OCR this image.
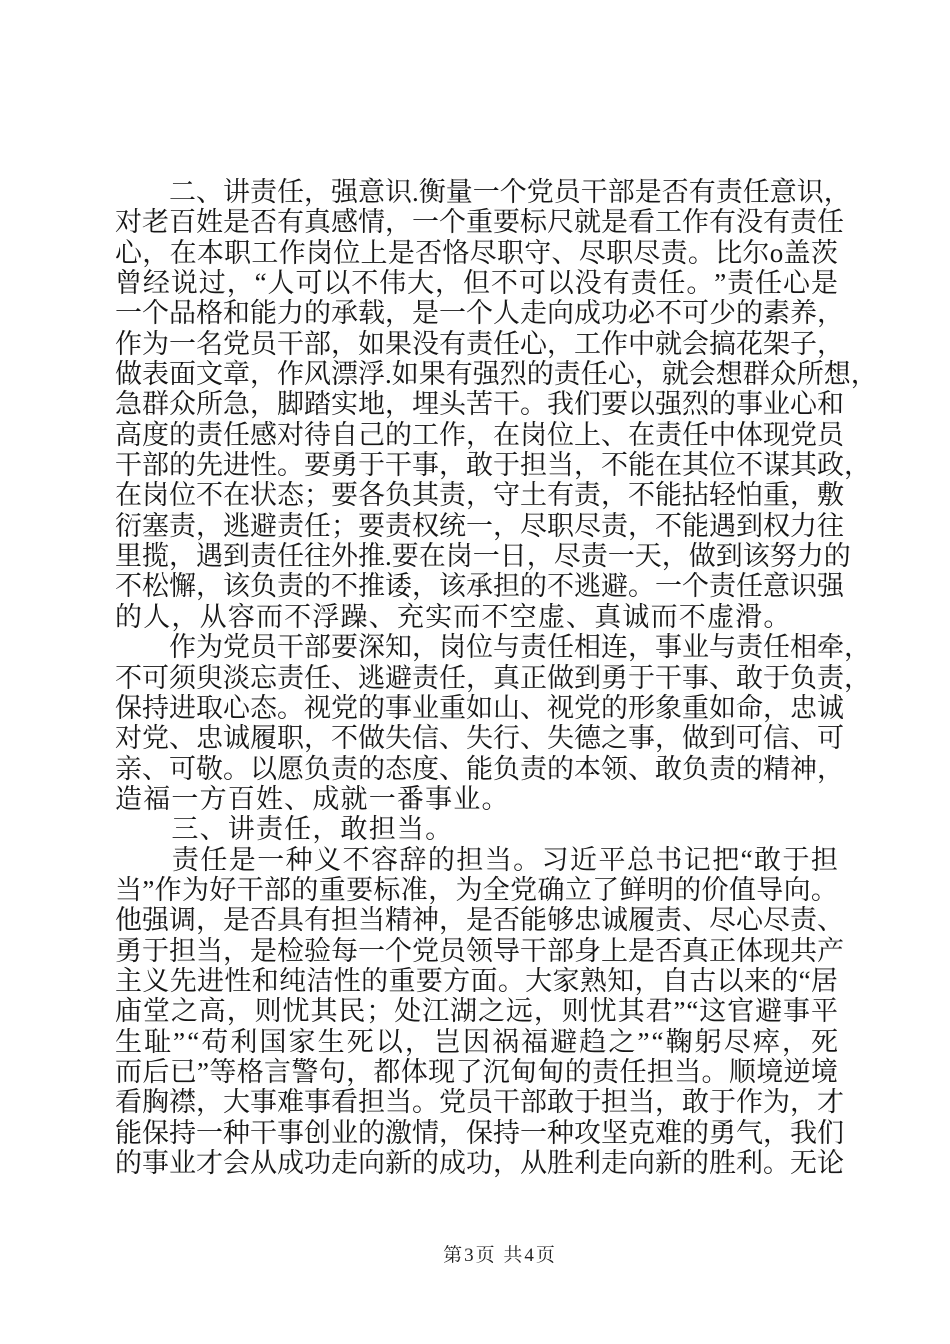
二 、 讲 责 任 ， 强 意 识 . 衡 量 一 个 党 员 干 部 是 否 有 责 任 意 识 ，
对 老 百 姓 是 否 有 真 感 情 ， 一 个 重 要 标 尺 就 是 看 工 作 有 没 有 责 任
心 ， 在 本 职 工 作 岗 位 上 是 否 恪 尽 职 守 、 尽 职 尽 责 。 比 尔 o 盖 茨
曾 经 说 过 ， “ 人 可 以 不 伟 大 ， 但 不 可 以 没 有 责 任 。 ” 责 任 心 是
一 个 品 格 和 能 力 的 承 载 ， 是 一 个 人 走 向 成 功 必 不 可 少 的 素 养 ，
作 为 一 名 党 员 干 部 ， 如 果 没 有 责 任 心 ， 工 作 中 就 会 搞 花 架 子 ，
做 表 面 文 章 ， 作 风 漂 浮 . 如 果 有 强 烈 的 责 任 心 ， 就 会 想 群 众 所 想 ，
急 群 众 所 急 ， 脚 踏 实 地 ， 埋 头 苦 干 。 我 们 要 以 强 烈 的 事 业 心 和
高 度 的 责 任 感 对 待 自 己 的 工 作 ， 在 岗 位 上 、 在 责 任 中 体 现 党 员
干 部 的 先 进 性 。 要 勇 于 干 事 ， 敢 于 担 当 ， 不 能 在 其 位 不 谋 其 政 ，
在 岗 位 不 在 状 态 ； 要 各 负 其 责 ， 守 土 有 责 ， 不 能 拈 轻 怕 重 ， 敷
衍 塞 责 ， 逃 避 责 任 ； 要 责 权 统 一 ， 尽 职 尽 责 ， 不 能 遇 到 权 力 往
里 揽 ， 遇 到 责 任 往 外 推 . 要 在 岗 一 日 ， 尽 责 一 天 ， 做 到 该 努 力 的
不 松 懈 ， 该 负 责 的 不 推 诿 ， 该 承 担 的 不 逃 避 。 一 个 责 任 意 识 强
的 人 ， 从 容 而 不 浮 躁 、 充 实 而 不 空 虚 、 真 诚 而 不 虚 滑 。

作 为 党 员 干 部 要 深 知 ， 岗 位 与 责 任 相 连 ， 事 业 与 责 任 相 牵 ，
不 可 须 臾 淡 忘 责 任 、 逃 避 责 任 ， 真 正 做 到 勇 于 干 事 、 敢 于 负 责 ，
保 持 进 取 心 态 。 视 党 的 事 业 重 如 山 、 视 党 的 形 象 重 如 命 ， 忠 诚
对 党 、 忠 诚 履 职 ， 不 做 失 信 、 失 行 、 失 德 之 事 ， 做 到 可 信 、 可
亲 、 可 敬 。 以 愿 负 责 的 态 度 、 能 负 责 的 本 领 、 敢 负 责 的 精 神 ，
造 福 一 方 百 姓 、 成 就 一 番 事 业 。

三 、 讲 责 任 ， 敢 担 当 。

责 任 是 一 种 义 不 容 辞 的 担 当 。 习 近 平 总 书 记 把 “ 敢 于 担
当 ” 作 为 好 干 部 的 重 要 标 准 ， 为 全 党 确 立 了 鲜 明 的 价 值 导 向 。
他 强 调 ， 是 否 具 有 担 当 精 神 ， 是 否 能 够 忠 诚 履 责 、 尽 心 尽 责 、
勇 于 担 当 ， 是 检 验 每 一 个 党 员 领 导 干 部 身 上 是 否 真 正 体 现 共 产
主 义 先 进 性 和 纯 洁 性 的 重 要 方 面 。 大 家 熟 知 ， 自 古 以 来 的 “ 居
庙 堂 之 高 ， 则 忧 其 民 ； 处 江 湖 之 远 ， 则 忧 其 君 ” “ 这 官 避 事 平
生 耻 ” “ 苟 利 国 家 生 死 以 ， 岂 因 祸 福 避 趋 之 ” “ 鞠 躬 尽 瘁 ， 死
而 后 已 ” 等 格 言 警 句 ， 都 体 现 了 沉 甸 甸 的 责 任 担 当 。 顺 境 逆 境
看 胸 襟 ， 大 事 难 事 看 担 当 。 党 员 干 部 敢 于 担 当 ， 敢 于 作 为 ， 才
能 保 持 一 种 干 事 创 业 的 激 情 ， 保 持 一 种 攻 坚 克 难 的 勇 气 ， 我 们
的 事 业 才 会 从 成 功 走 向 新 的 成 功 ， 从 胜 利 走 向 新 的 胜 利 。 无 论
第3页 共4页
